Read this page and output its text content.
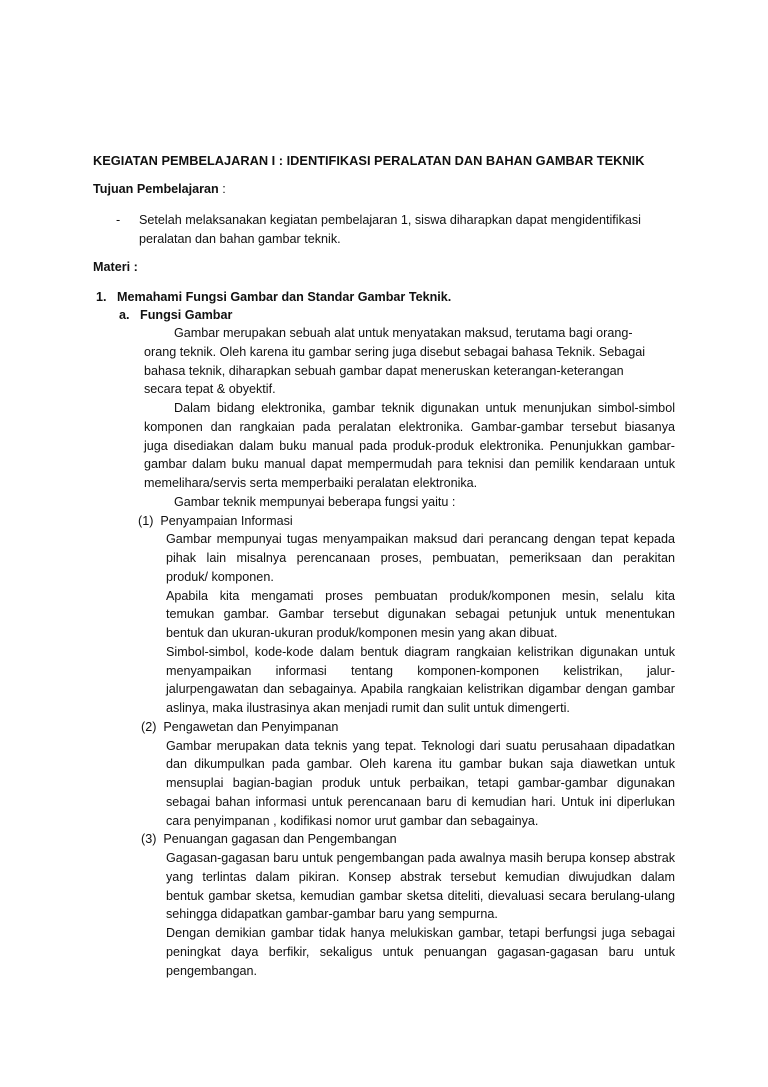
KEGIATAN PEMBELAJARAN I : IDENTIFIKASI PERALATAN DAN BAHAN GAMBAR TEKNIK
Tujuan Pembelajaran :
- Setelah melaksanakan kegiatan pembelajaran 1, siswa diharapkan dapat mengidentifikasi
peralatan dan bahan gambar teknik.
Materi :
1.   Memahami Fungsi Gambar dan Standar Gambar Teknik.
a.   Fungsi Gambar
Gambar merupakan sebuah alat untuk menyatakan maksud, terutama bagi orang-
orang teknik. Oleh karena itu gambar sering juga disebut sebagai bahasa Teknik. Sebagai
bahasa teknik, diharapkan sebuah gambar dapat meneruskan keterangan-keterangan
secara tepat & obyektif.
Dalam bidang elektronika, gambar teknik digunakan untuk menunjukan simbol-simbol
komponen dan rangkaian pada peralatan elektronika. Gambar-gambar tersebut biasanya
juga disediakan dalam buku manual pada produk-produk elektronika. Penunjukkan gambar-
gambar dalam buku manual dapat mempermudah para teknisi dan pemilik kendaraan untuk
memelihara/servis serta memperbaiki peralatan elektronika.
Gambar teknik mempunyai beberapa fungsi yaitu :
(1)  Penyampaian Informasi
Gambar mempunyai tugas menyampaikan maksud dari perancang dengan tepat kepada
pihak lain misalnya perencanaan proses, pembuatan, pemeriksaan dan perakitan
produk/ komponen.
Apabila kita mengamati proses pembuatan produk/komponen mesin, selalu kita
temukan gambar. Gambar tersebut digunakan sebagai petunjuk untuk menentukan
bentuk dan ukuran-ukuran produk/komponen mesin yang akan dibuat.
Simbol-simbol, kode-kode dalam bentuk diagram rangkaian kelistrikan digunakan untuk
menyampaikan informasi tentang komponen-komponen kelistrikan, jalur-
jalurpengawatan dan sebagainya. Apabila rangkaian kelistrikan digambar dengan gambar
aslinya, maka ilustrasinya akan menjadi rumit dan sulit untuk dimengerti.
(2)  Pengawetan dan Penyimpanan
Gambar merupakan data teknis yang tepat. Teknologi dari suatu perusahaan dipadatkan
dan dikumpulkan pada gambar. Oleh karena itu gambar bukan saja diawetkan untuk
mensuplai bagian-bagian produk untuk perbaikan, tetapi gambar-gambar digunakan
sebagai bahan informasi untuk perencanaan baru di kemudian hari. Untuk ini diperlukan
cara penyimpanan , kodifikasi nomor urut gambar dan sebagainya.
(3)  Penuangan gagasan dan Pengembangan
Gagasan-gagasan baru untuk pengembangan pada awalnya masih berupa konsep abstrak
yang terlintas dalam pikiran. Konsep abstrak tersebut kemudian diwujudkan dalam
bentuk gambar sketsa, kemudian gambar sketsa diteliti, dievaluasi secara berulang-ulang
sehingga didapatkan gambar-gambar baru yang sempurna.
Dengan demikian gambar tidak hanya melukiskan gambar, tetapi berfungsi juga sebagai
peningkat daya berfikir, sekaligus untuk penuangan gagasan-gagasan baru untuk
pengembangan.
